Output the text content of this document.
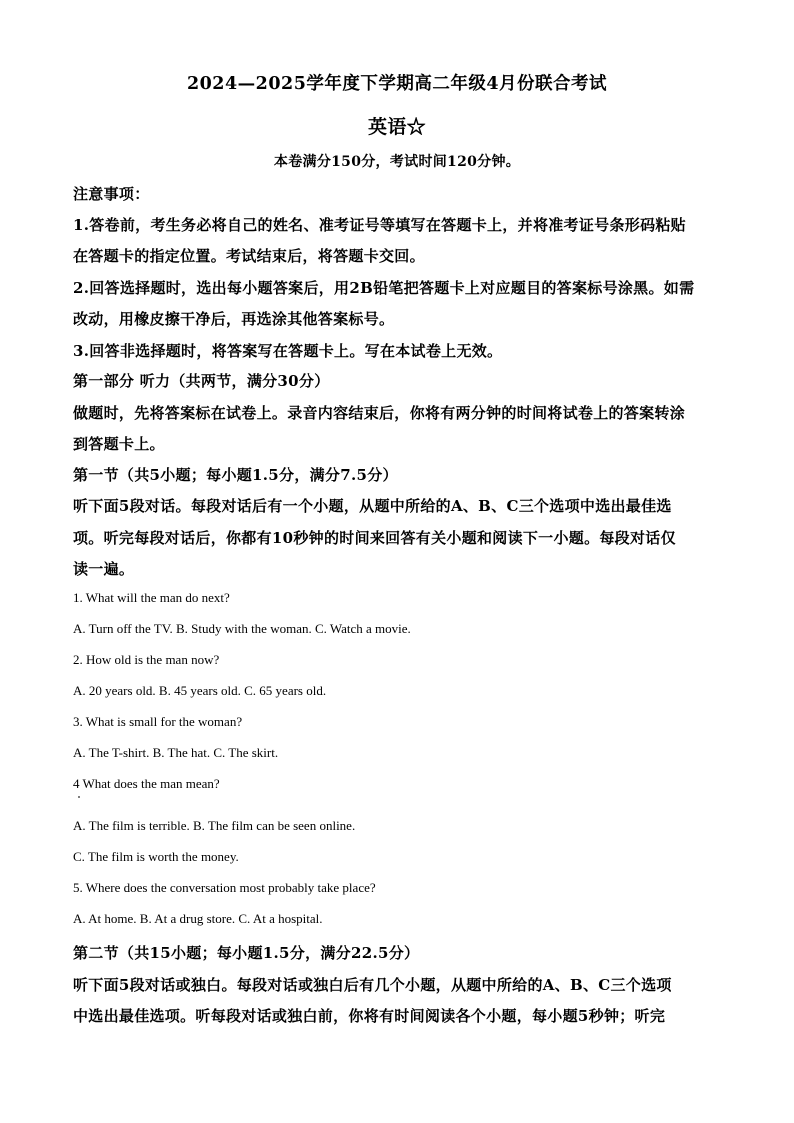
2024—2025学年度下学期高二年级4月份联合考试
英语☆
本卷满分150分，考试时间120分钟。
注意事项：
1.答卷前，考生务必将自己的姓名、准考证号等填写在答题卡上，并将准考证号条形码粘贴
在答题卡的指定位置。考试结束后，将答题卡交回。
2.回答选择题时，选出每小题答案后，用2B铅笔把答题卡上对应题目的答案标号涂黑。如需
改动，用橡皮擦干净后，再选涂其他答案标号。
3.回答非选择题时，将答案写在答题卡上。写在本试卷上无效。
第一部分 听力（共两节，满分30分）
做题时，先将答案标在试卷上。录音内容结束后，你将有两分钟的时间将试卷上的答案转涂
到答题卡上。
第一节（共5小题；每小题1.5分，满分7.5分）
听下面5段对话。每段对话后有一个小题，从题中所给的A、B、C三个选项中选出最佳选
项。听完每段对话后，你都有10秒钟的时间来回答有关小题和阅读下一小题。每段对话仅
读一遍。
1. What will the man do next?
A. Turn off the TV. B. Study with the woman. C. Watch a movie.
2. How old is the man now?
A. 20 years old. B. 45 years old. C. 65 years old.
3. What is small for the woman?
A. The T-shirt. B. The hat. C. The skirt.
4 What does the man mean?
A. The film is terrible. B. The film can be seen online.
C. The film is worth the money.
5. Where does the conversation most probably take place?
A. At home. B. At a drug store. C. At a hospital.
第二节（共15小题；每小题1.5分，满分22.5分）
听下面5段对话或独白。每段对话或独白后有几个小题，从题中所给的A、B、C三个选项
中选出最佳选项。听每段对话或独白前，你将有时间阅读各个小题，每小题5秒钟；听完
